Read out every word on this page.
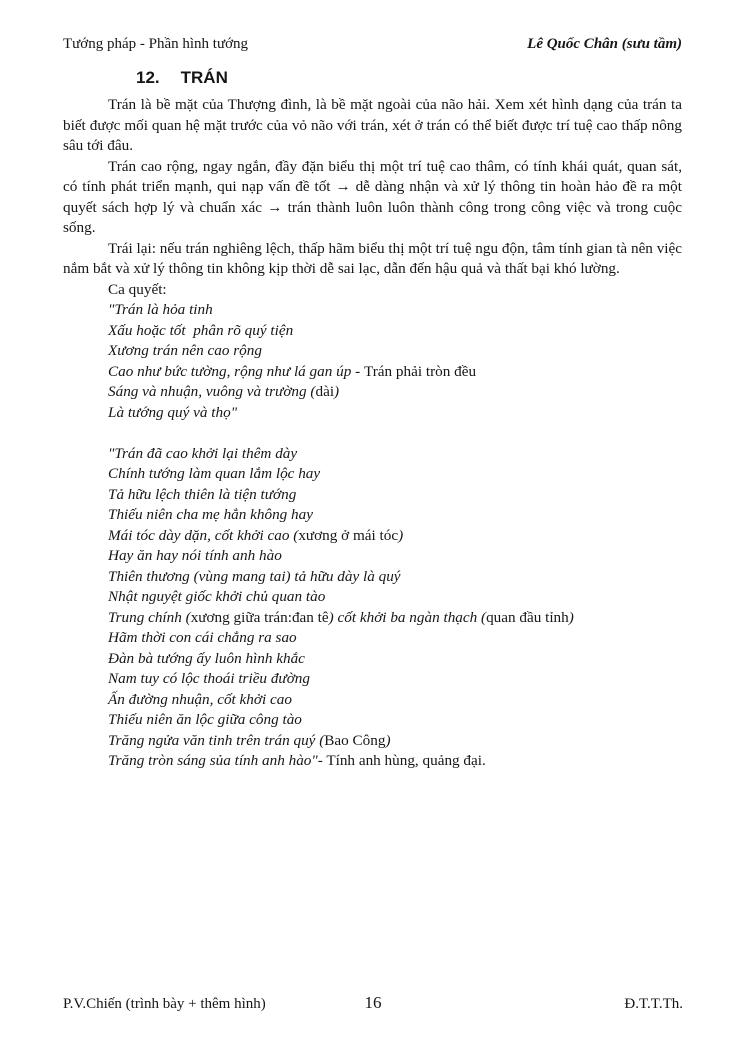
Tướng pháp - Phần hình tướng	Lê Quốc Chân (sưu tầm)
12. TRÁN

Trán là bề mặt của Thượng đình, là bề mặt ngoài của não hải. Xem xét hình dạng của trán ta biết được mối quan hệ mặt trước của vỏ não với trán, xét ở trán có thể biết được trí tuệ cao thấp nông sâu tới đâu.

Trán cao rộng, ngay ngắn, đầy đặn biểu thị một trí tuệ cao thâm, có tính khái quát, quan sát, có tính phát triển mạnh, qui nạp vấn đề tốt → dễ dàng nhận và xử lý thông tin hoàn hảo đề ra một quyết sách hợp lý và chuẩn xác → trán thành luôn luôn thành công trong công việc và trong cuộc sống.

Trái lại: nếu trán nghiêng lệch, thấp hãm biểu thị một trí tuệ ngu độn, tâm tính gian tà nên việc nắm bắt và xử lý thông tin không kịp thời dễ sai lạc, dẫn đến hậu quả và thất bại khó lường.

Ca quyết:

"Trán là hỏa tinh
Xấu hoặc tốt  phân rõ quý tiện
Xương trán nên cao rộng
Cao như bức tường, rộng như lá gan úp - Trán phải tròn đều
Sáng và nhuận, vuông và trường (dài)
Là tướng quý và thọ"
"Trán đã cao khởi lại thêm dày
Chính tướng làm quan lắm lộc hay
Tả hữu lệch thiên là tiện tướng
Thiếu niên cha mẹ hẳn không hay
Mái tóc dày dặn, cốt khởi cao (xương ở mái tóc)
Hay ăn hay nói tính anh hào
Thiên thương (vùng mang tai) tả hữu dày là quý
Nhật nguyệt giốc khởi chủ quan tào
Trung chính (xương giữa trán:đan tê) cốt khởi ba ngàn thạch (quan đầu tỉnh)
Hãm thời con cái chẳng ra sao
Đàn bà tướng ấy luôn hình khắc
Nam tuy có lộc thoái triều đường
Ấn đường nhuận, cốt khởi cao
Thiếu niên ăn lộc giữa công tào
Trăng ngửa văn tinh trên trán quý (Bao Công)
Trăng tròn sáng sủa tính anh hào"- Tính anh hùng, quảng đại.
P.V.Chiến (trình bày + thêm hình)	16	Đ.T.T.Th.
